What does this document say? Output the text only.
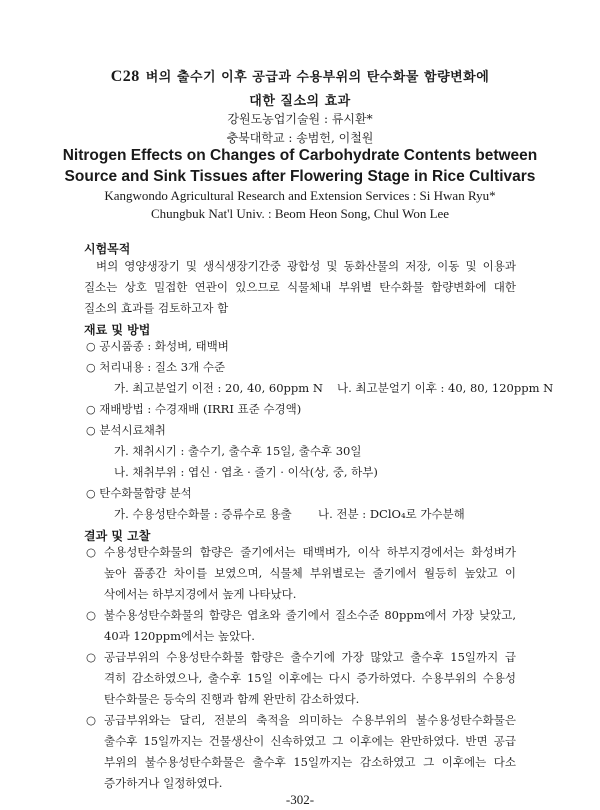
C28 벼의 출수기 이후 공급과 수용부위의 탄수화물 함량변화에
대한 질소의 효과
강원도농업기술원 : 류시환*
충북대학교 : 송범헌, 이철원
Nitrogen Effects on Changes of Carbohydrate Contents between
Source and Sink Tissues after Flowering Stage in Rice Cultivars
Kangwondo Agricultural Research and Extension Services : Si Hwan Ryu*
Chungbuk Nat'l Univ. : Beom Heon Song, Chul Won Lee
시험목적
벼의 영양생장기 및 생식생장기간중 광합성 및 동화산물의 저장, 이동 및 이용과
질소는 상호 밀접한 연관이 있으므로 식물체내 부위별 탄수화물 함량변화에 대한
질소의 효과를 검토하고자 함
재료 및 방법
○ 공시품종 : 화성벼, 태백벼
○ 처리내용 : 질소 3개 수준
가. 최고분얼기 이전 : 20, 40, 60ppm N 나. 최고분얼기 이후 : 40, 80, 120ppm N
○ 재배방법 : 수경재배 (IRRI 표준 수경액)
○ 분석시료채취
가. 채취시기 : 출수기, 출수후 15일, 출수후 30일
나. 채취부위 : 엽신 · 엽초 · 줄기 · 이삭(상, 중, 하부)
○ 탄수화물함량 분석
가. 수용성탄수화물 : 증류수로 용출 나. 전분 : DClO₄로 가수분해
결과 및 고찰
○ 수용성탄수화물의 함량은 줄기에서는 태백벼가, 이삭 하부지경에서는 화성벼가
높아 품종간 차이를 보였으며, 식물체 부위별로는 줄기에서 월등히 높았고 이
삭에서는 하부지경에서 높게 나타났다.
○ 불수용성탄수화물의 함량은 엽초와 줄기에서 질소수준 80ppm에서 가장 낮았고,
40과 120ppm에서는 높았다.
○ 공급부위의 수용성탄수화물 함량은 출수기에 가장 많았고 출수후 15일까지 급
격히 감소하였으나, 출수후 15일 이후에는 다시 증가하였다. 수용부위의 수용성
탄수화물은 등숙의 진행과 함께 완만히 감소하였다.
○ 공급부위와는 달리, 전분의 축적을 의미하는 수용부위의 불수용성탄수화물은
출수후 15일까지는 건물생산이 신속하였고 그 이후에는 완만하였다. 반면 공급
부위의 불수용성탄수화물은 출수후 15일까지는 감소하였고 그 이후에는 다소
증가하거나 일정하였다.
-302-
